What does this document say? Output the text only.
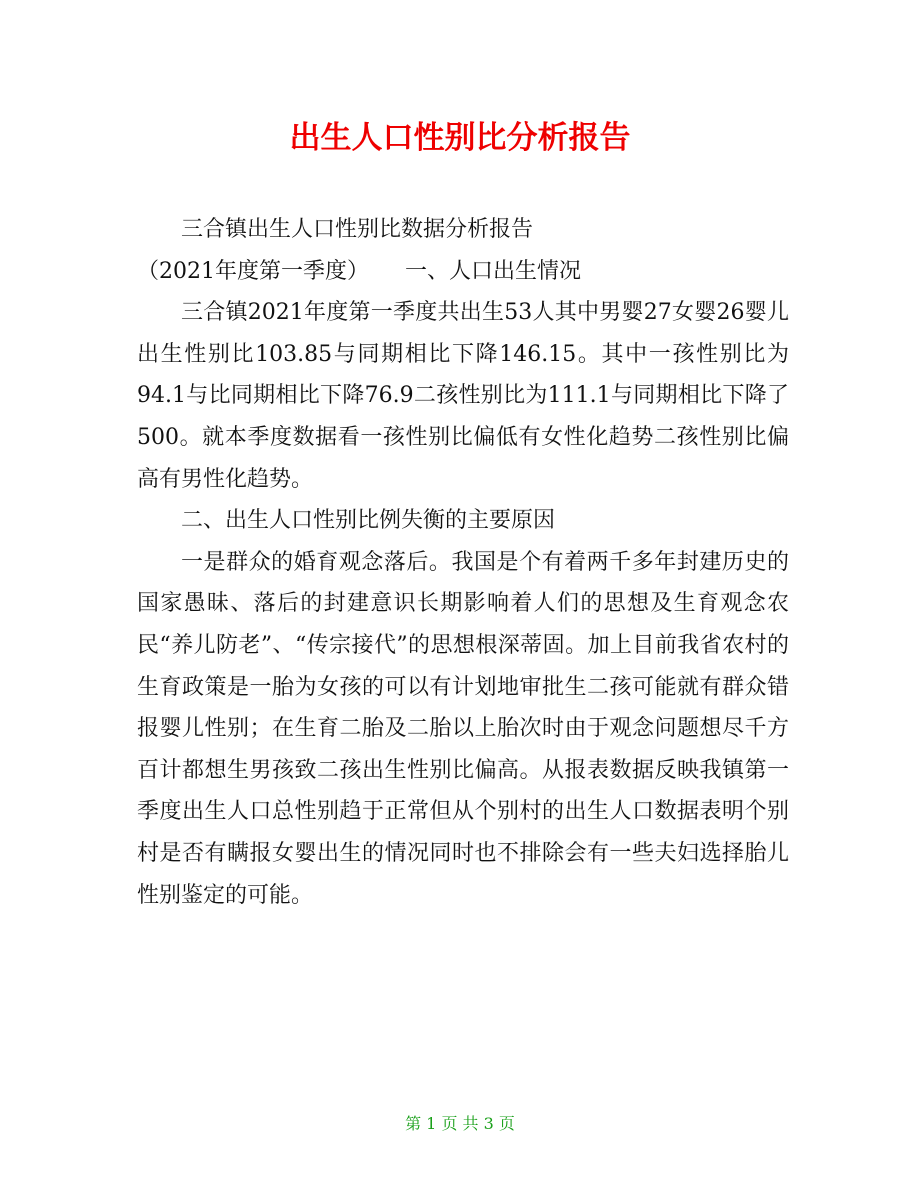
出生人口性别比分析报告

三合镇出生人口性别比数据分析报告

（2021年度第一季度） 一、人口出生情况

三合镇2021年度第一季度共出生53人其中男婴27女婴26婴儿出生性别比103.85与同期相比下降146.15。其中一孩性别比为94.1与比同期相比下降76.9二孩性别比为111.1与同期相比下降了500。就本季度数据看一孩性别比偏低有女性化趋势二孩性别比偏高有男性化趋势。

二、出生人口性别比例失衡的主要原因

一是群众的婚育观念落后。我国是个有着两千多年封建历史的国家愚昧、落后的封建意识长期影响着人们的思想及生育观念农民“养儿防老”、“传宗接代”的思想根深蒂固。加上目前我省农村的生育政策是一胎为女孩的可以有计划地审批生二孩可能就有群众错报婴儿性别；在生育二胎及二胎以上胎次时由于观念问题想尽千方百计都想生男孩致二孩出生性别比偏高。从报表数据反映我镇第一季度出生人口总性别趋于正常但从个别村的出生人口数据表明个别村是否有瞒报女婴出生的情况同时也不排除会有一些夫妇选择胎儿性别鉴定的可能。

第 1 页 共 3 页
